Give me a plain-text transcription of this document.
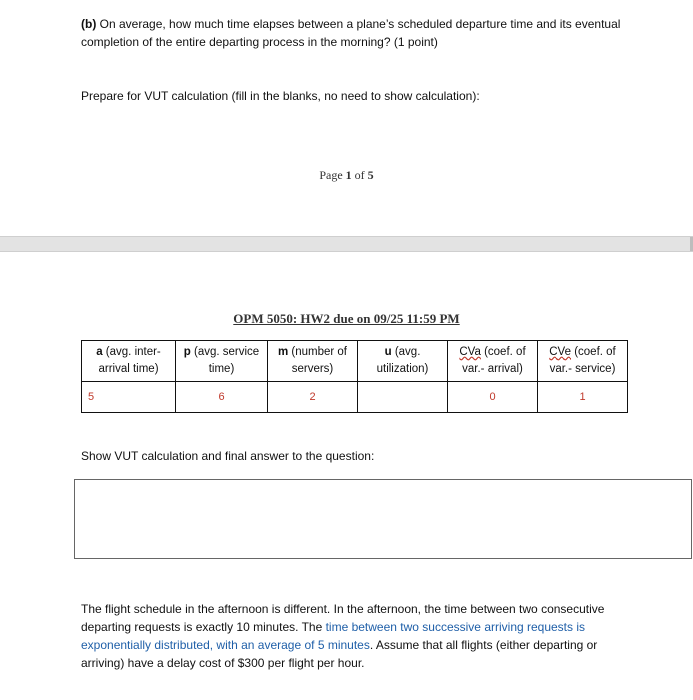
(b) On average, how much time elapses between a plane’s scheduled departure time and its eventual completion of the entire departing process in the morning? (1 point)
Prepare for VUT calculation (fill in the blanks, no need to show calculation):
Page 1 of 5
OPM 5050: HW2 due on 09/25 11:59 PM
a (avg. inter-arrival time)	p (avg. service time)	m (number of servers)	u (avg. utilization)	CVa (coef. of var.- arrival)	CVe (coef. of var.- service)
5	6	2		0	1
Show VUT calculation and final answer to the question:
The flight schedule in the afternoon is different. In the afternoon, the time between two consecutive departing requests is exactly 10 minutes. The time between two successive arriving requests is exponentially distributed, with an average of 5 minutes. Assume that all flights (either departing or arriving) have a delay cost of $300 per flight per hour.
